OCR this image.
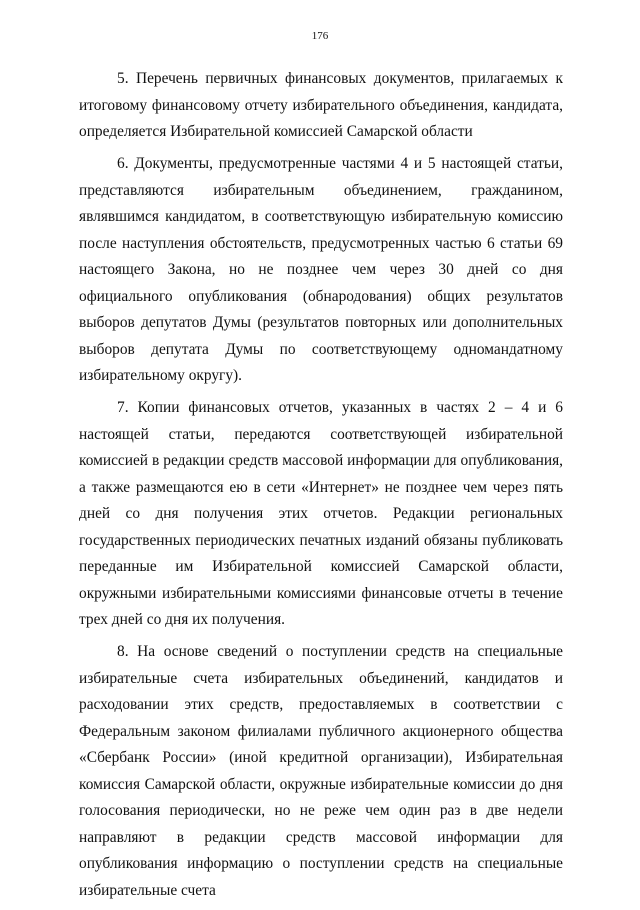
176

5. Перечень первичных финансовых документов, прилагаемых к итоговому финансовому отчету избирательного объединения, кандидата, определяется Избирательной комиссией Самарской области

6. Документы, предусмотренные частями 4 и 5 настоящей статьи, представляются избирательным объединением, гражданином, являвшимся кандидатом, в соответствующую избирательную комиссию после наступления обстоятельств, предусмотренных частью 6 статьи 69 настоящего Закона, но не позднее чем через 30 дней со дня официального опубликования (обнародования) общих результатов выборов депутатов Думы (результатов повторных или дополнительных выборов депутата Думы по соответствующему одномандатному избирательному округу).

7. Копии финансовых отчетов, указанных в частях 2 – 4 и 6 настоящей статьи, передаются соответствующей избирательной комиссией в редакции средств массовой информации для опубликования, а также размещаются ею в сети «Интернет» не позднее чем через пять дней со дня получения этих отчетов. Редакции региональных государственных периодических печатных изданий обязаны публиковать переданные им Избирательной комиссией Самарской области, окружными избирательными комиссиями финансовые отчеты в течение трех дней со дня их получения.

8. На основе сведений о поступлении средств на специальные избирательные счета избирательных объединений, кандидатов и расходовании этих средств, предоставляемых в соответствии с Федеральным законом филиалами публичного акционерного общества «Сбербанк России» (иной кредитной организации), Избирательная комиссия Самарской области, окружные избирательные комиссии до дня голосования периодически, но не реже чем один раз в две недели направляют в редакции средств массовой информации для опубликования информацию о поступлении средств на специальные избирательные счета
